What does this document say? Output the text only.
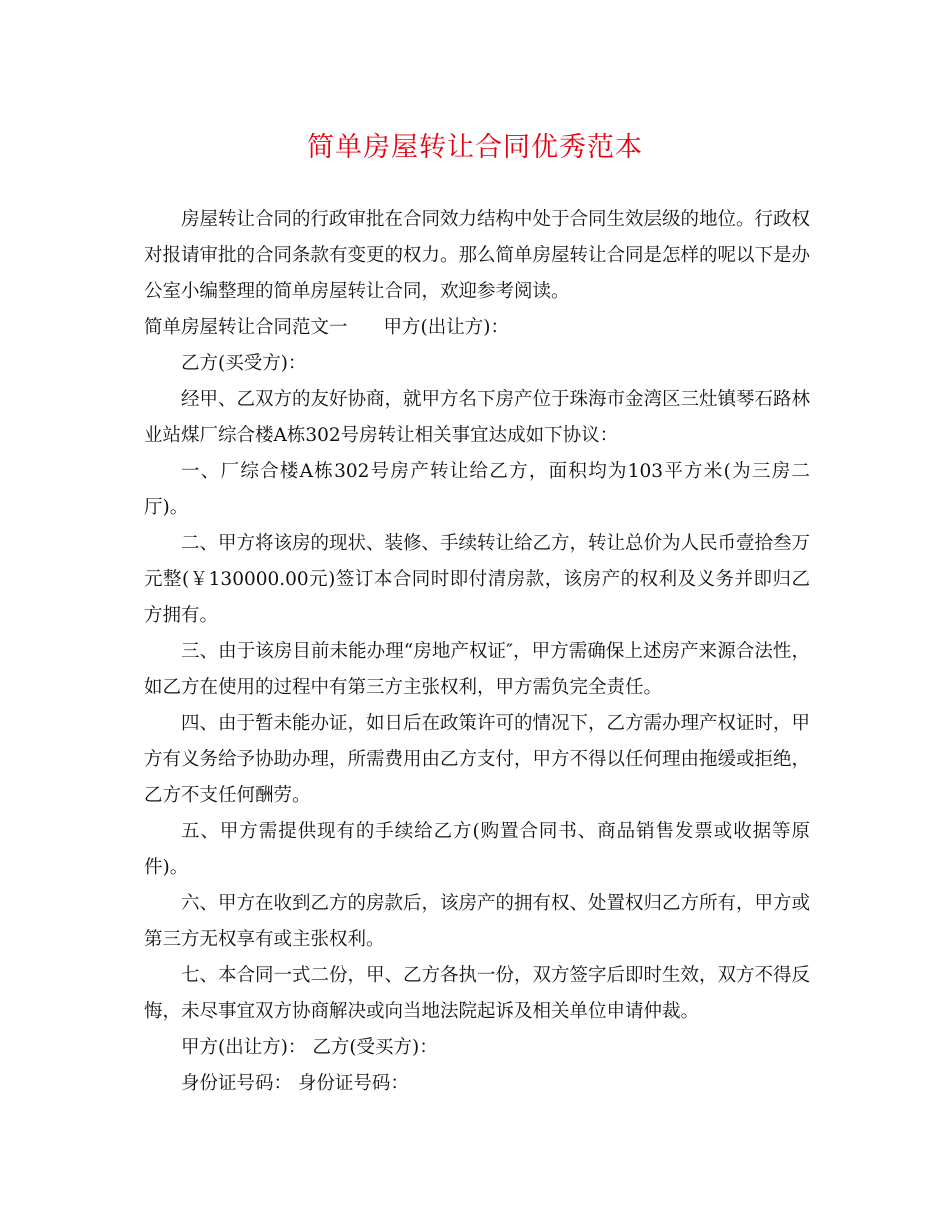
简单房屋转让合同优秀范本

房屋转让合同的行政审批在合同效力结构中处于合同生效层级的地位。行政权对报请审批的合同条款有变更的权力。那么简单房屋转让合同是怎样的呢以下是办公室小编整理的简单房屋转让合同，欢迎参考阅读。

简单房屋转让合同范文一 甲方(出让方)：

乙方(买受方)：

经甲、乙双方的友好协商，就甲方名下房产位于珠海市金湾区三灶镇琴石路林业站煤厂综合楼A栋302号房转让相关事宜达成如下协议：

一、厂综合楼A栋302号房产转让给乙方，面积均为103平方米(为三房二厅)。

二、甲方将该房的现状、装修、手续转让给乙方，转让总价为人民币壹拾叁万元整(￥130000.00元)签订本合同时即付清房款，该房产的权利及义务并即归乙方拥有。

三、由于该房目前未能办理“房地产权证″，甲方需确保上述房产来源合法性，如乙方在使用的过程中有第三方主张权利，甲方需负完全责任。

四、由于暂未能办证，如日后在政策许可的情况下，乙方需办理产权证时，甲方有义务给予协助办理，所需费用由乙方支付，甲方不得以任何理由拖缓或拒绝，乙方不支任何酬劳。

五、甲方需提供现有的手续给乙方(购置合同书、商品销售发票或收据等原件)。

六、甲方在收到乙方的房款后，该房产的拥有权、处置权归乙方所有，甲方或第三方无权享有或主张权利。

七、本合同一式二份，甲、乙方各执一份，双方签字后即时生效，双方不得反悔，未尽事宜双方协商解决或向当地法院起诉及相关单位申请仲裁。

甲方(出让方)： 乙方(受买方)：

身份证号码： 身份证号码：
